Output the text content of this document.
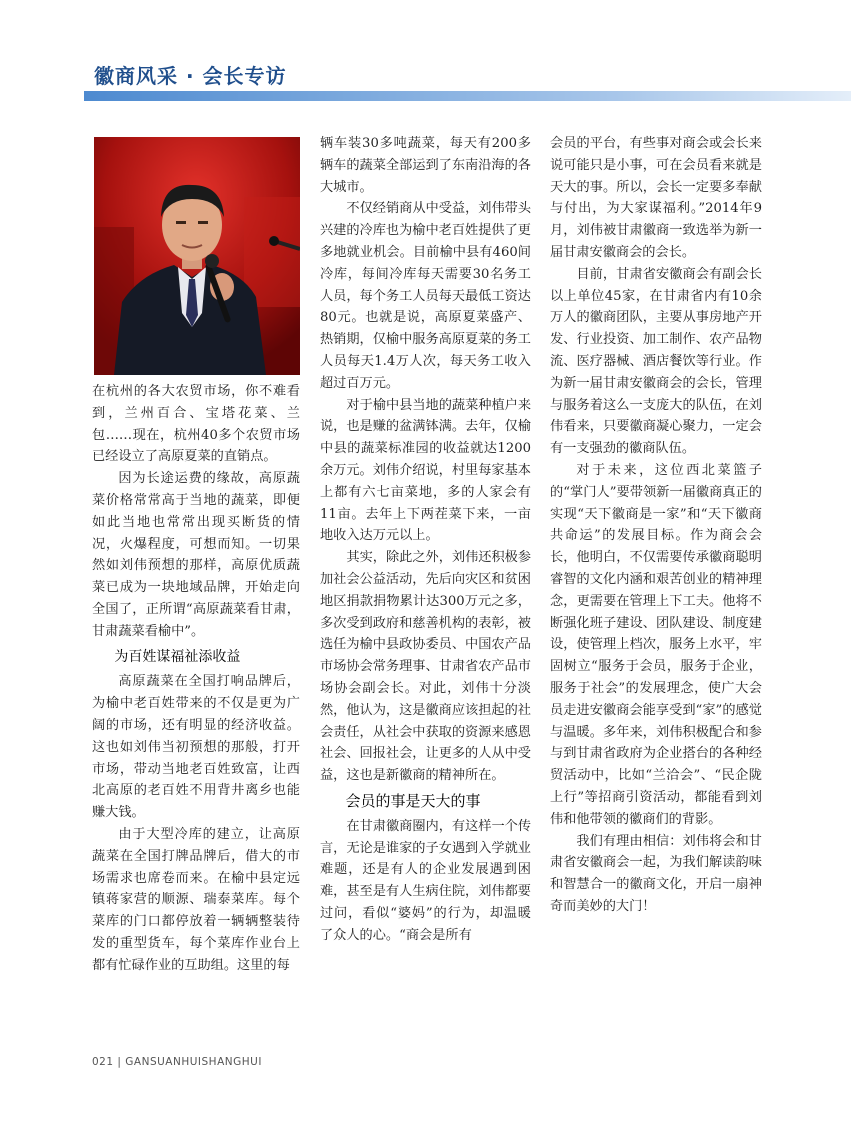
徽商风采 · 会长专访

在杭州的各大农贸市场，你不难看到，兰州百合、宝塔花菜、兰包……现在，杭州40多个农贸市场已经设立了高原夏菜的直销点。

因为长途运费的缘故，高原蔬菜价格常常高于当地的蔬菜，即便如此当地也常常出现买断货的情况，火爆程度，可想而知。一切果然如刘伟预想的那样，高原优质蔬菜已成为一块地域品牌，开始走向全国了，正所谓“高原蔬菜看甘肃，甘肃蔬菜看榆中”。

为百姓谋福祉添收益

高原蔬菜在全国打响品牌后，为榆中老百姓带来的不仅是更为广阔的市场，还有明显的经济收益。这也如刘伟当初预想的那般，打开市场，带动当地老百姓致富，让西北高原的老百姓不用背井离乡也能赚大钱。

由于大型冷库的建立，让高原蔬菜在全国打牌品牌后，借大的市场需求也席卷而来。在榆中县定远镇蒋家营的顺源、瑞泰菜库。每个菜库的门口都停放着一辆辆整装待发的重型货车，每个菜库作业台上都有忙碌作业的互助组。这里的每

辆车装30多吨蔬菜，每天有200多辆车的蔬菜全部运到了东南沿海的各大城市。

不仅经销商从中受益，刘伟带头兴建的冷库也为榆中老百姓提供了更多地就业机会。目前榆中县有460间冷库，每间冷库每天需要30名务工人员，每个务工人员每天最低工资达80元。也就是说，高原夏菜盛产、热销期，仅榆中服务高原夏菜的务工人员每天1.4万人次，每天务工收入超过百万元。

对于榆中县当地的蔬菜种植户来说，也是赚的盆满钵满。去年，仅榆中县的蔬菜标准园的收益就达1200余万元。刘伟介绍说，村里每家基本上都有六七亩菜地，多的人家会有11亩。去年上下两茬菜下来，一亩地收入达万元以上。

其实，除此之外，刘伟还积极参加社会公益活动，先后向灾区和贫困地区捐款捐物累计达300万元之多，多次受到政府和慈善机构的表彰，被选任为榆中县政协委员、中国农产品市场协会常务理事、甘肃省农产品市场协会副会长。对此，刘伟十分淡然，他认为，这是徽商应该担起的社会责任，从社会中获取的资源来感恩社会、回报社会，让更多的人从中受益，这也是新徽商的精神所在。

会员的事是天大的事

在甘肃徽商圈内，有这样一个传言，无论是谁家的子女遇到入学就业难题，还是有人的企业发展遇到困难，甚至是有人生病住院，刘伟都要过问，看似“婆妈”的行为，却温暖了众人的心。“商会是所有

会员的平台，有些事对商会或会长来说可能只是小事，可在会员看来就是天大的事。所以，会长一定要多奉献与付出，为大家谋福利。”2014年9月，刘伟被甘肃徽商一致选举为新一届甘肃安徽商会的会长。

目前，甘肃省安徽商会有副会长以上单位45家，在甘肃省内有10余万人的徽商团队，主要从事房地产开发、行业投资、加工制作、农产品物流、医疗器械、酒店餐饮等行业。作为新一届甘肃安徽商会的会长，管理与服务着这么一支庞大的队伍，在刘伟看来，只要徽商凝心聚力，一定会有一支强劲的徽商队伍。

对于未来，这位西北菜篮子的“掌门人”要带领新一届徽商真正的实现“天下徽商是一家”和“天下徽商共命运”的发展目标。作为商会会长，他明白，不仅需要传承徽商聪明睿智的文化内涵和艰苦创业的精神理念，更需要在管理上下工夫。他将不断强化班子建设、团队建设、制度建设，使管理上档次，服务上水平，牢固树立“服务于会员，服务于企业，服务于社会”的发展理念，使广大会员走进安徽商会能享受到“家”的感觉与温暖。多年来，刘伟积极配合和参与到甘肃省政府为企业搭台的各种经贸活动中，比如“兰洽会”、“民企陇上行”等招商引资活动，都能看到刘伟和他带领的徽商们的背影。

我们有理由相信：刘伟将会和甘肃省安徽商会一起，为我们解读韵味和智慧合一的徽商文化，开启一扇神奇而美妙的大门！

021 | GANSUANHUISHANGHUI
